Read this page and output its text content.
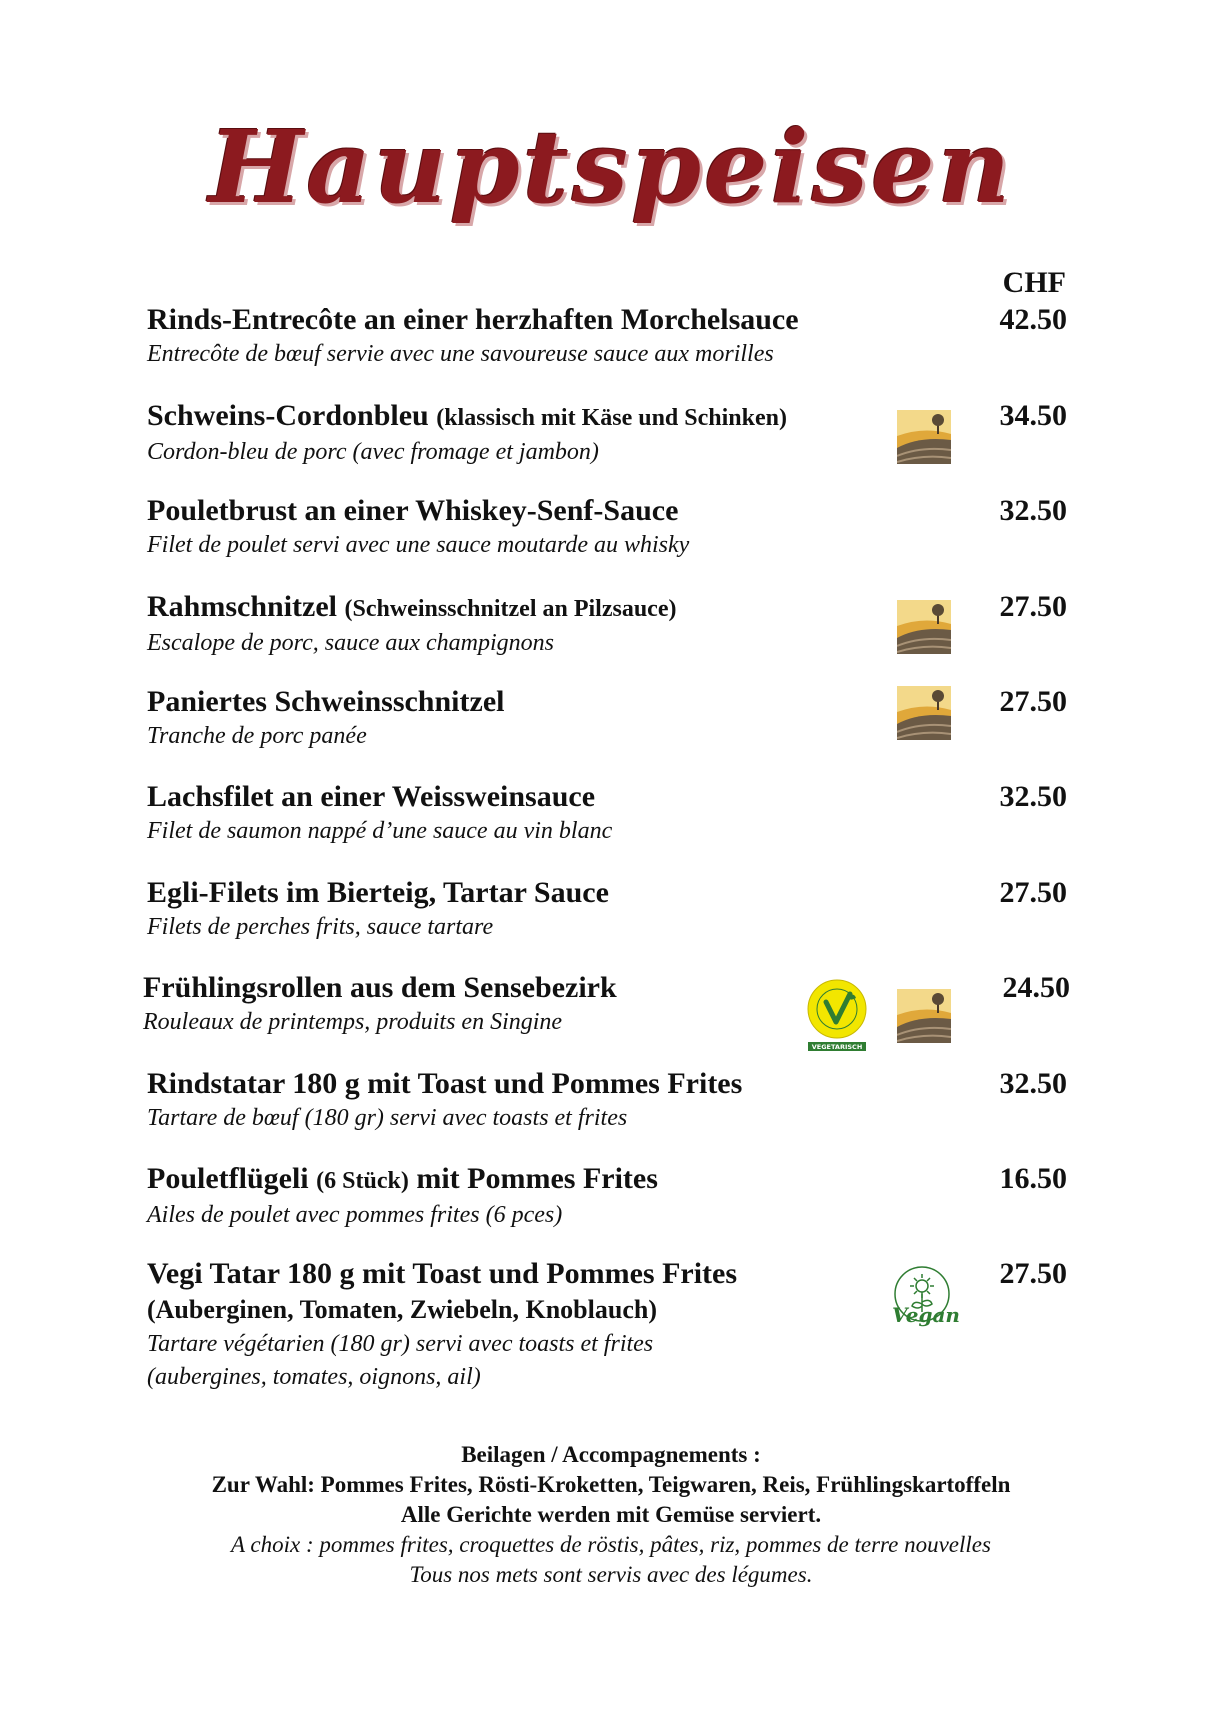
Hauptspeisen
CHF
Rinds-Entrecôte an einer herzhaften Morchelsauce
Entrecôte de bœuf servie avec une savoureuse sauce aux morilles
42.50
Schweins-Cordonbleu (klassisch mit Käse und Schinken)
Cordon-bleu de porc (avec fromage et jambon)
34.50
Pouletbrust an einer Whiskey-Senf-Sauce
Filet de poulet servi avec une sauce moutarde au whisky
32.50
Rahmschnitzel (Schweinsschnitzel an Pilzsauce)
Escalope de porc, sauce aux champignons
27.50
Paniertes Schweinsschnitzel
Tranche de porc panée
27.50
Lachsfilet an einer Weissweinsauce
Filet de saumon nappé d’une sauce au vin blanc
32.50
Egli-Filets im Bierteig, Tartar Sauce
Filets de perches frits, sauce tartare
27.50
Frühlingsrollen aus dem Sensebezirk
Rouleaux de printemps, produits en Singine
24.50
Rindstatar 180 g mit Toast und Pommes Frites
Tartare de bœuf (180 gr) servi avec toasts et frites
32.50
Pouletflügeli (6 Stück) mit Pommes Frites
Ailes de poulet avec pommes frites (6 pces)
16.50
Vegi Tatar 180 g mit Toast und Pommes Frites
(Auberginen, Tomaten, Zwiebeln, Knoblauch)
Tartare végétarien (180 gr) servi avec toasts et frites
(aubergines, tomates, oignons, ail)
27.50
VEGETARISCH
Vegan
Beilagen / Accompagnements :
Zur Wahl: Pommes Frites, Rösti-Kroketten, Teigwaren, Reis, Frühlingskartoffeln
Alle Gerichte werden mit Gemüse serviert.
A choix : pommes frites, croquettes de röstis, pâtes, riz, pommes de terre nouvelles
Tous nos mets sont servis avec des légumes.
